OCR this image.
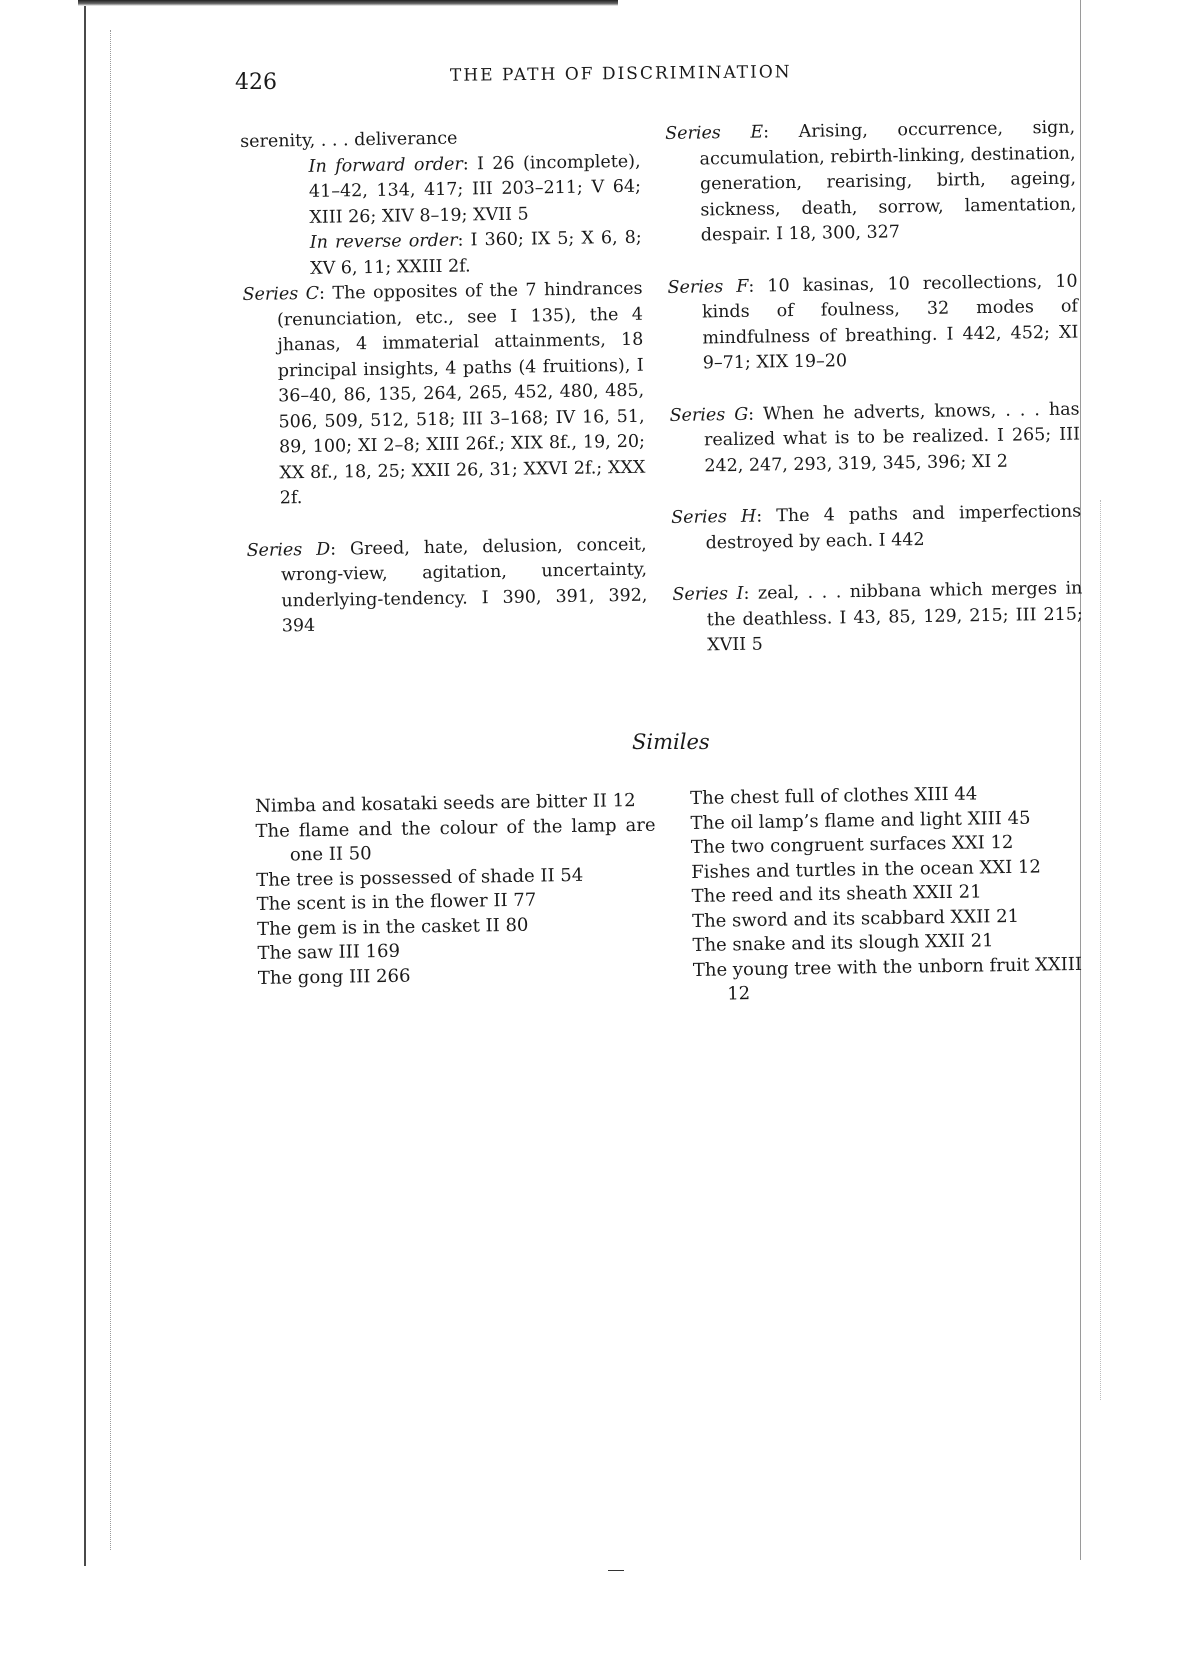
426	THE PATH OF DISCRIMINATION
serenity, . . . deliverance
In forward order: I 26 (incomplete), 41–42, 134, 417; III 203–211; V 64; XIII 26; XIV 8–19; XVII 5
In reverse order: I 360; IX 5; X 6, 8; XV 6, 11; XXIII 2f.

Series C: The opposites of the 7 hindrances (renunciation, etc., see I 135), the 4 jhanas, 4 immaterial attainments, 18 principal insights, 4 paths (4 fruitions), I 36–40, 86, 135, 264, 265, 452, 480, 485, 506, 509, 512, 518; III 3–168; IV 16, 51, 89, 100; XI 2–8; XIII 26f.; XIX 8f., 19, 20; XX 8f., 18, 25; XXII 26, 31; XXVI 2f.; XXX 2f.

Series D: Greed, hate, delusion, conceit, wrong-view, agitation, uncertainty, underlying-tendency. I 390, 391, 392, 394

Series E: Arising, occurrence, sign, accumulation, rebirth-linking, destination, generation, rearising, birth, ageing, sickness, death, sorrow, lamentation, despair. I 18, 300, 327

Series F: 10 kasinas, 10 recollections, 10 kinds of foulness, 32 modes of mindfulness of breathing. I 442, 452; XI 9–71; XIX 19–20

Series G: When he adverts, knows, . . . has realized what is to be realized. I 265; III 242, 247, 293, 319, 345, 396; XI 2

Series H: The 4 paths and imperfections destroyed by each. I 442

Series I: zeal, . . . nibbana which merges in the deathless. I 43, 85, 129, 215; III 215; XVII 5

Similes

Nimba and kosataki seeds are bitter II 12

The flame and the colour of the lamp are one II 50

The tree is possessed of shade II 54

The scent is in the flower II 77

The gem is in the casket II 80

The saw III 169

The gong III 266

The chest full of clothes XIII 44

The oil lamp’s flame and light XIII 45

The two congruent surfaces XXI 12

Fishes and turtles in the ocean XXI 12

The reed and its sheath XXII 21

The sword and its scabbard XXII 21

The snake and its slough XXII 21

The young tree with the unborn fruit XXIII 12
